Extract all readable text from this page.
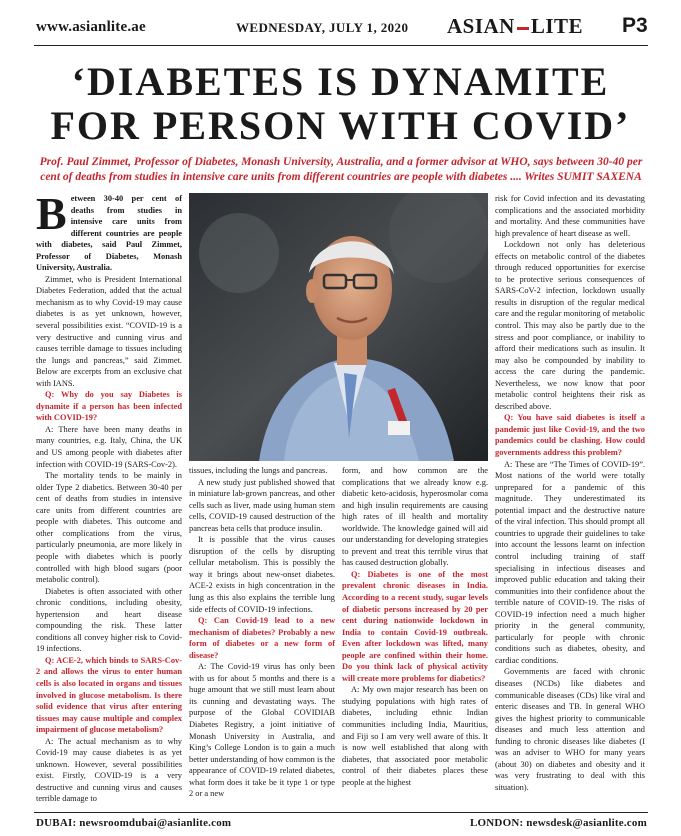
www.asianlite.ae	WEDNESDAY, JULY 1, 2020 ASIAN LITE P3
‘DIABETES IS DYNAMITE
FOR PERSON WITH COVID’
Prof. Paul Zimmet, Professor of Diabetes, Monash University, Australia, and a former advisor at WHO, says between 30-40 per cent of deaths from studies in intensive care units from different countries are people with diabetes .... Writes SUMIT SAXENA

Between 30-40 per cent of deaths from studies in intensive care units from different countries are people with diabetes, said Paul Zimmet, Professor of Diabetes, Monash University, Australia.

Zimmet, who is President International Diabetes Federation, added that the actual mechanism as to why Covid-19 may cause diabetes is as yet unknown, however, several possibilities exist. “COVID-19 is a very destructive and cunning virus and causes terrible damage to tissues including the lungs and pancreas,” said Zimmet. Below are excerpts from an exclusive chat with IANS.

Q: Why do you say Diabetes is dynamite if a person has been infected with COVID-19?

A: There have been many deaths in many countries, e.g. Italy, China, the UK and US among people with diabetes after infection with COVID-19 (SARS-Cov-2).

The mortality tends to be mainly in older Type 2 diabetics. Between 30-40 per cent of deaths from studies in intensive care units from different countries are people with diabetes. This outcome and other complications from the virus, particularly pneumonia, are more likely in people with diabetes which is poorly controlled with high blood sugars (poor metabolic control).

Diabetes is often associated with other chronic conditions, including obesity, hypertension and heart disease compounding the risk. These latter conditions all convey higher risk to Covid-19 infections.

Q: ACE-2, which binds to SARS-Cov-2 and allows the virus to enter human cells is also located in organs and tissues involved in glucose metabolism. Is there solid evidence that virus after entering tissues may cause multiple and complex impairment of glucose metabolism?

A: The actual mechanism as to why Covid-19 may cause diabetes is as yet unknown. However, several possibilities exist. Firstly, COVID-19 is a very destructive and cunning virus and causes terrible damage to

tissues, including the lungs and pancreas.

A new study just published showed that in miniature lab-grown pancreas, and other cells such as liver, made using human stem cells, COVID-19 caused destruction of the pancreas beta cells that produce insulin.

It is possible that the virus causes disruption of the cells by disrupting cellular metabolism. This is possibly the way it brings about new-onset diabetes. ACE-2 exists in high concentration in the lung as this also explains the terrible lung side effects of COVID-19 infections.

Q: Can Covid-19 lead to a new mechanism of diabetes? Probably a new form of diabetes or a new form of disease?

A: The Covid-19 virus has only been with us for about 5 months and there is a huge amount that we still must learn about its cunning and devastating ways. The purpose of the Global COVIDIAB Diabetes Registry, a joint initiative of Monash University in Australia, and King’s College London is to gain a much better understanding of how common is the appearance of COVID-19 related diabetes, what form does it take be it type 1 or type 2 or a new

form, and how common are the complications that we already know e.g. diabetic keto-acidosis, hyperosmolar coma and high insulin requirements are causing high rates of ill health and mortality worldwide. The knowledge gained will aid our understanding for developing strategies to prevent and treat this terrible virus that has caused destruction globally.

Q: Diabetes is one of the most prevalent chronic diseases in India. According to a recent study, sugar levels of diabetic persons increased by 20 per cent during nationwide lockdown in India to contain Covid-19 outbreak. Even after lockdown was lifted, many people are confined within their home. Do you think lack of physical activity will create more problems for diabetics?

A: My own major research has been on studying populations with high rates of diabetes, including ethnic Indian communities including India, Mauritius, and Fiji so I am very well aware of this. It is now well established that along with diabetes, that associated poor metabolic control of their diabetes places these people at the highest

risk for Covid infection and its devastating complications and the associated morbidity and mortality. And these communities have high prevalence of heart disease as well.

Lockdown not only has deleterious effects on metabolic control of the diabetes through reduced opportunities for exercise to be protective serious consequences of SARS-CoV-2 infection, lockdown usually results in disruption of the regular medical care and the regular monitoring of metabolic control. This may also be partly due to the stress and poor compliance, or inability to afford their medications such as insulin. It may also be compounded by inability to access the care during the pandemic. Nevertheless, we now know that poor metabolic control heightens their risk as described above.

Q: You have said diabetes is itself a pandemic just like Covid-19, and the two pandemics could be clashing. How could governments address this problem?

A: These are “The Times of COVID-19”. Most nations of the world were totally unprepared for a pandemic of this magnitude. They underestimated its potential impact and the destructive nature of the viral infection. This should prompt all countries to upgrade their guidelines to take into account the lessons learnt on infection control including training of staff specialising in infectious diseases and improved public education and taking their communities into their confidence about the terrible nature of COVID-19. The risks of COVID-19 infection need a much higher priority in the general community, particularly for people with chronic conditions such as diabetes, obesity, and cardiac conditions.

Governments are faced with chronic diseases (NCDs) like diabetes and communicable diseases (CDs) like viral and enteric diseases and TB. In general WHO gives the highest priority to communicable diseases and much less attention and funding to chronic diseases like diabetes (I was an adviser to WHO for many years (about 30) on diabetes and obesity and it was very frustrating to deal with this situation).

DUBAI: newsroomdubai@asianlite.com	LONDON: newsdesk@asianlite.com
